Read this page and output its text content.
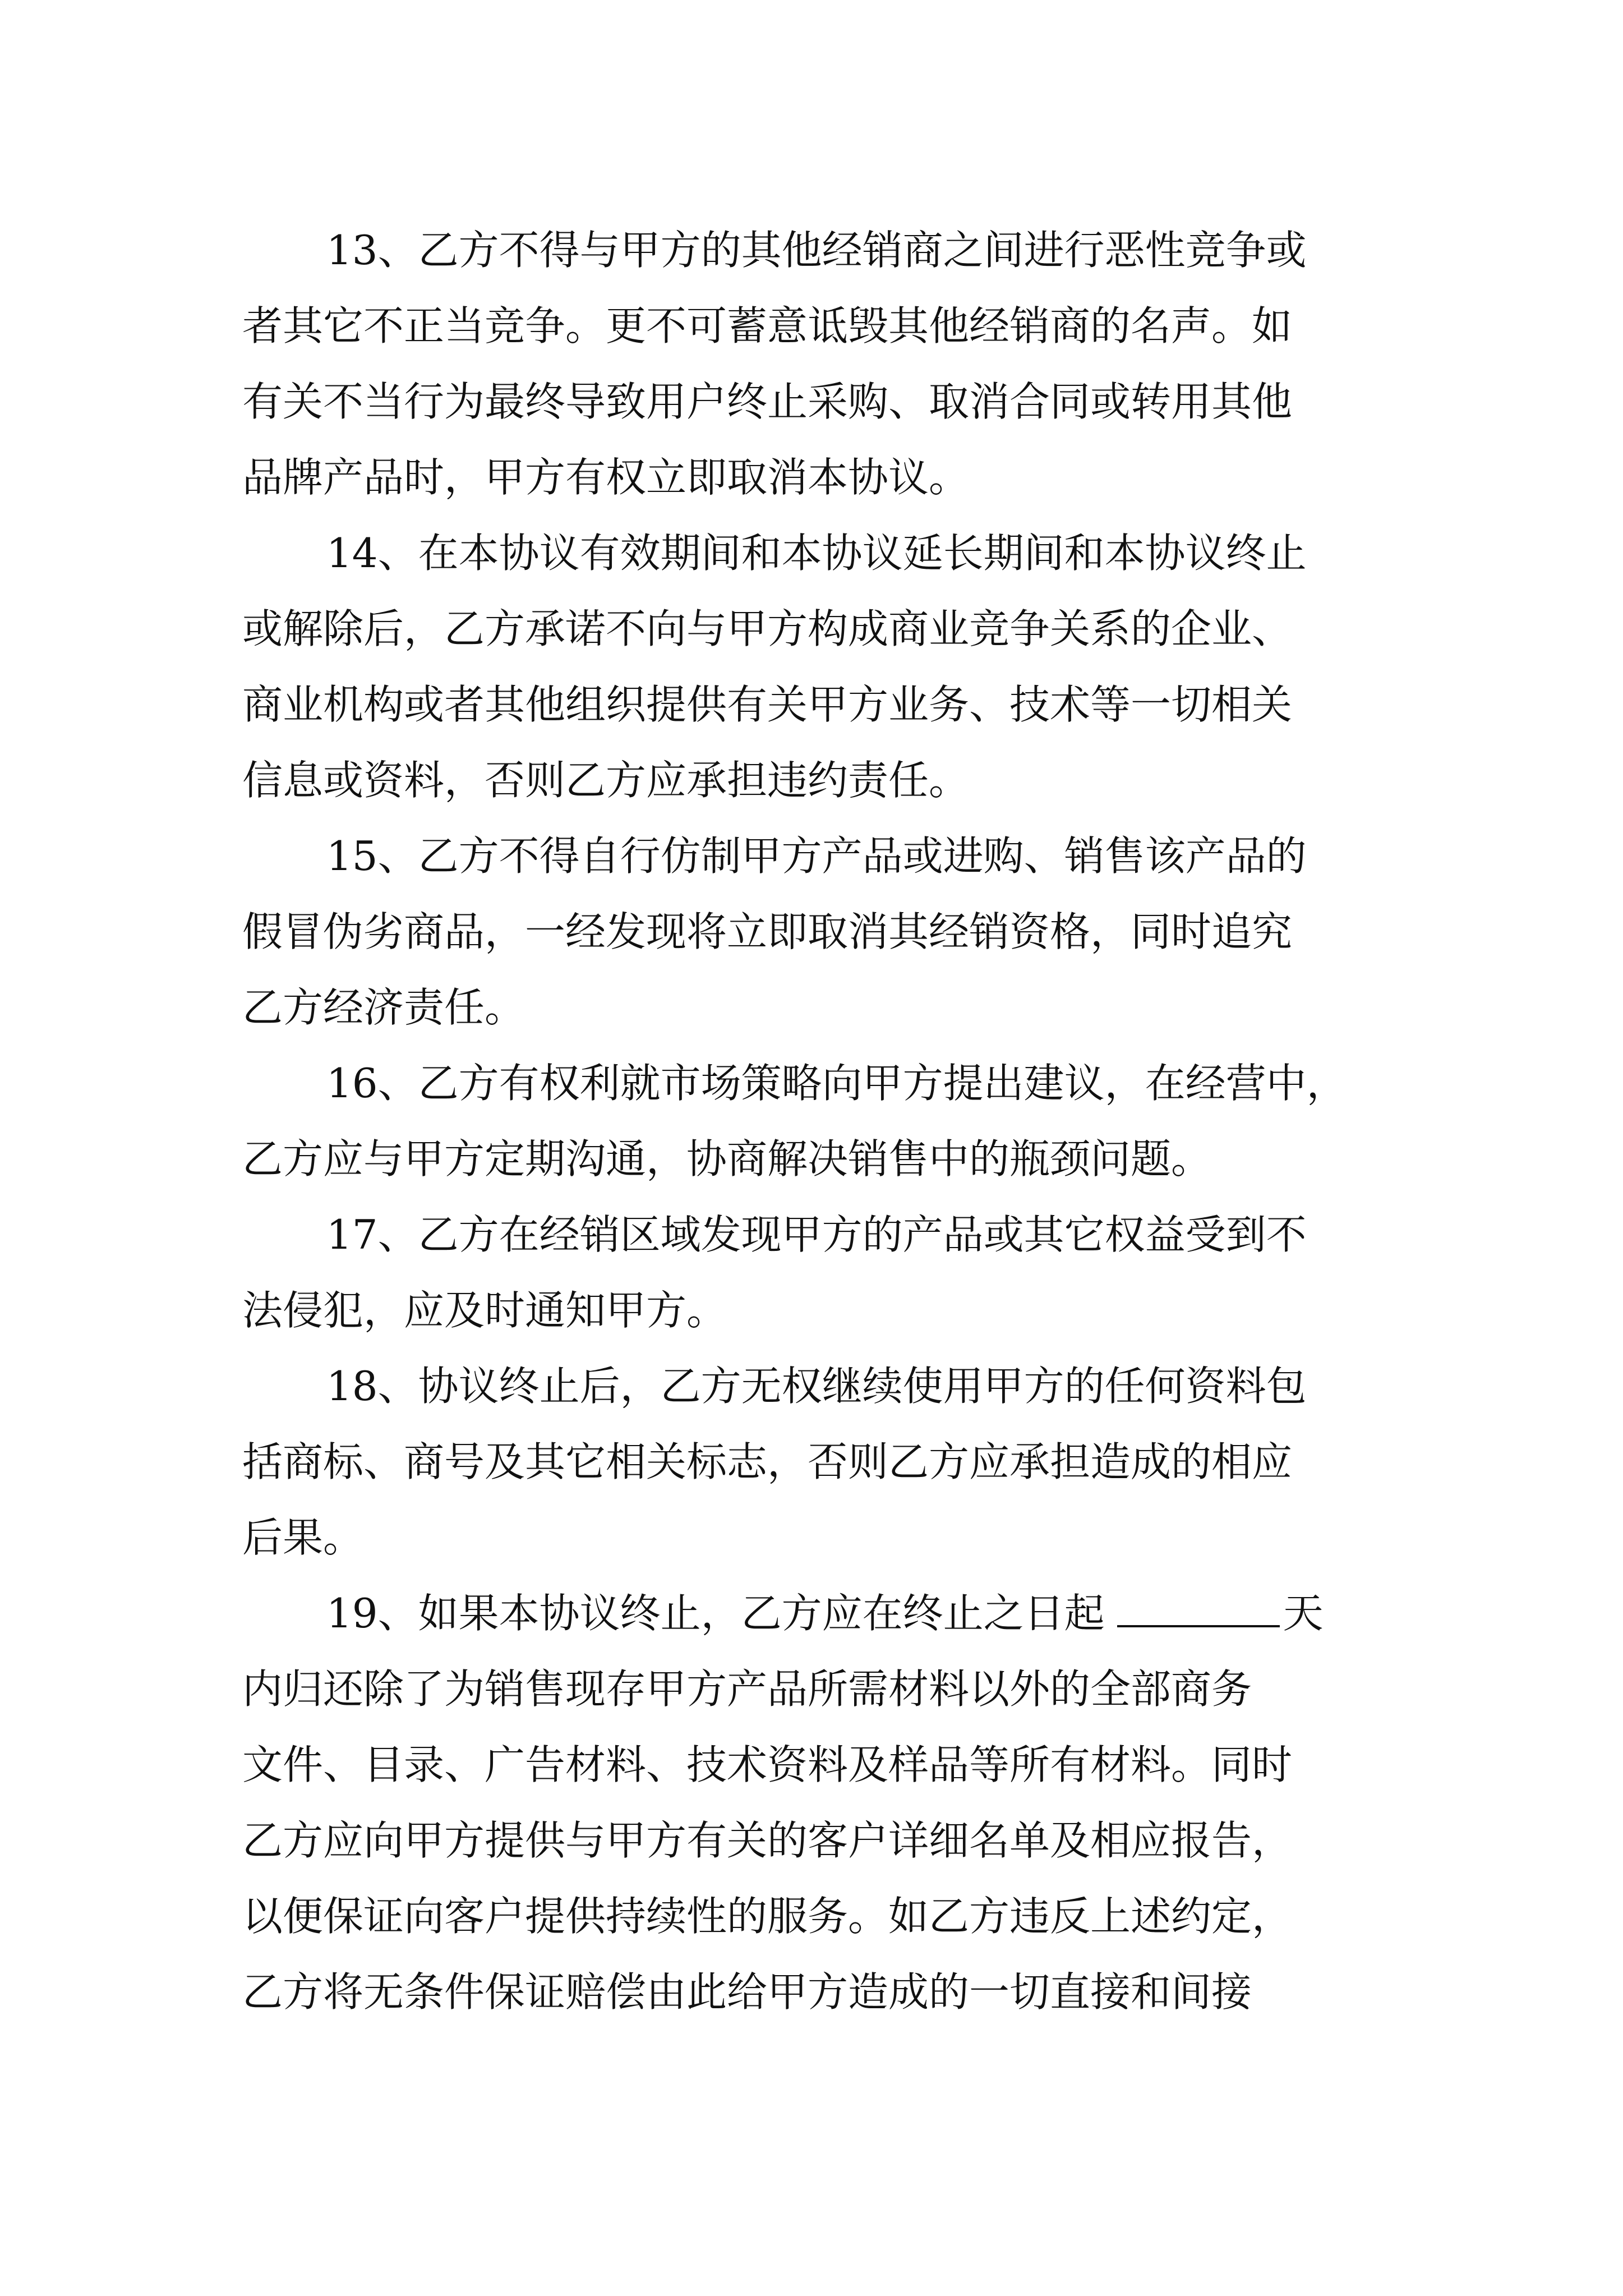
13、乙方不得与甲方的其他经销商之间进行恶性竞争或
者其它不正当竞争。更不可蓄意诋毁其他经销商的名声。如
有关不当行为最终导致用户终止采购、取消合同或转用其他
品牌产品时，甲方有权立即取消本协议。
14、在本协议有效期间和本协议延长期间和本协议终止
或解除后，乙方承诺不向与甲方构成商业竞争关系的企业、
商业机构或者其他组织提供有关甲方业务、技术等一切相关
信息或资料，否则乙方应承担违约责任。
15、乙方不得自行仿制甲方产品或进购、销售该产品的
假冒伪劣商品，一经发现将立即取消其经销资格，同时追究
乙方经济责任。
16、乙方有权利就市场策略向甲方提出建议，在经营中，
乙方应与甲方定期沟通，协商解决销售中的瓶颈问题。
17、乙方在经销区域发现甲方的产品或其它权益受到不
法侵犯，应及时通知甲方。
18、协议终止后，乙方无权继续使用甲方的任何资料包
括商标、商号及其它相关标志，否则乙方应承担造成的相应
后果。
19、如果本协议终止，乙方应在终止之日起	天
内归还除了为销售现存甲方产品所需材料以外的全部商务
文件、目录、广告材料、技术资料及样品等所有材料。同时
乙方应向甲方提供与甲方有关的客户详细名单及相应报告，
以便保证向客户提供持续性的服务。如乙方违反上述约定，
乙方将无条件保证赔偿由此给甲方造成的一切直接和间接
